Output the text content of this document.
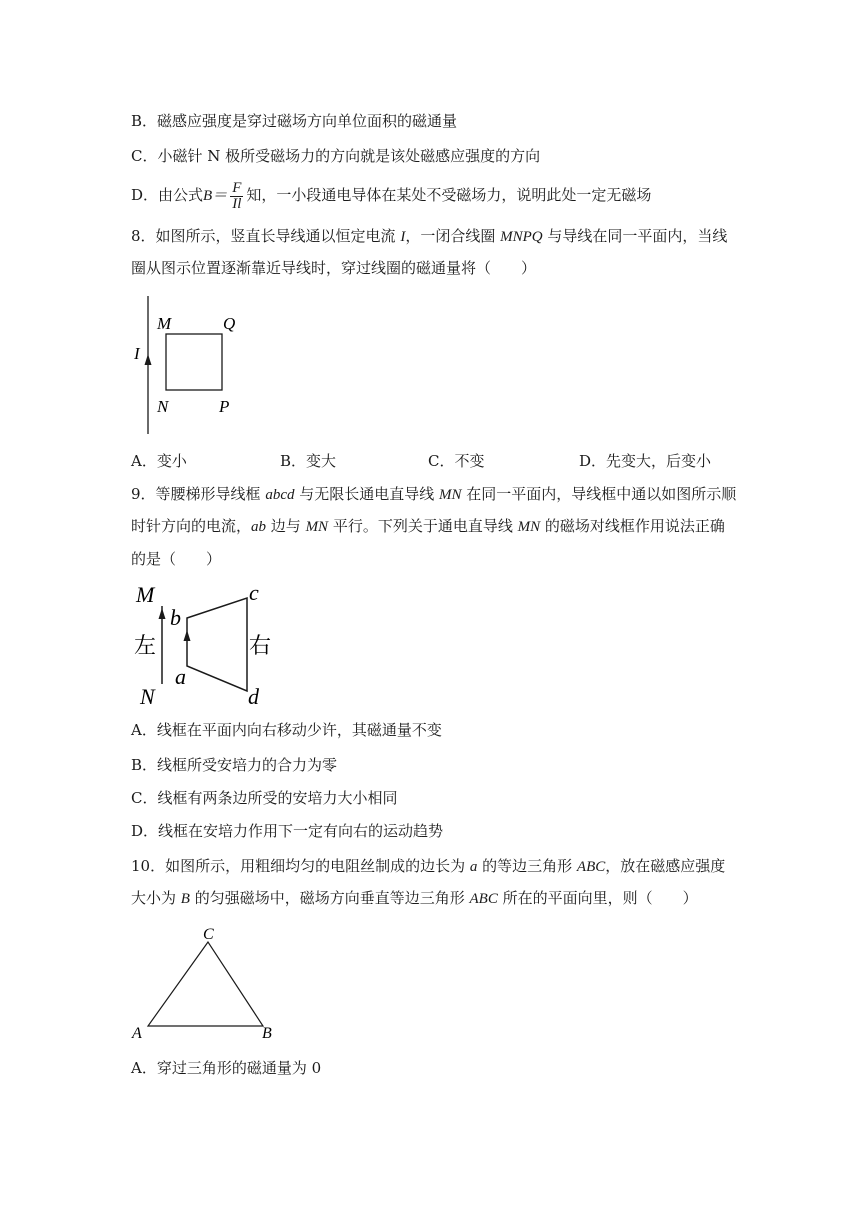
B．磁感应强度是穿过磁场方向单位面积的磁通量
C．小磁针 N 极所受磁场力的方向就是该处磁感应强度的方向
D．由公式$B= \frac{F}{Il}$ 知，一小段通电导体在某处不受磁场力，说明此处一定无磁场
8．如图所示，竖直长导线通以恒定电流 I，一闭合线圈 MNPQ 与导线在同一平面内，当线
圈从图示位置逐渐靠近导线时，穿过线圈的磁通量将（　　）
M	Q
I
N	P
A．变小	B．变大	C．不变	D．先变大，后变小
9．等腰梯形导线框 abcd 与无限长通电直导线 MN 在同一平面内，导线框中通以如图所示顺
时针方向的电流，ab 边与 MN 平行。下列关于通电直导线 MN 的磁场对线框作用说法正确
的是（　　）
M
b
c
左	右
a
N	d
A．线框在平面内向右移动少许，其磁通量不变
B．线框所受安培力的合力为零
C．线框有两条边所受的安培力大小相同
D．线框在安培力作用下一定有向右的运动趋势
10．如图所示，用粗细均匀的电阻丝制成的边长为 a 的等边三角形 ABC，放在磁感应强度
大小为 B 的匀强磁场中，磁场方向垂直等边三角形 ABC 所在的平面向里，则（　　）
C
A	B
A．穿过三角形的磁通量为 0
